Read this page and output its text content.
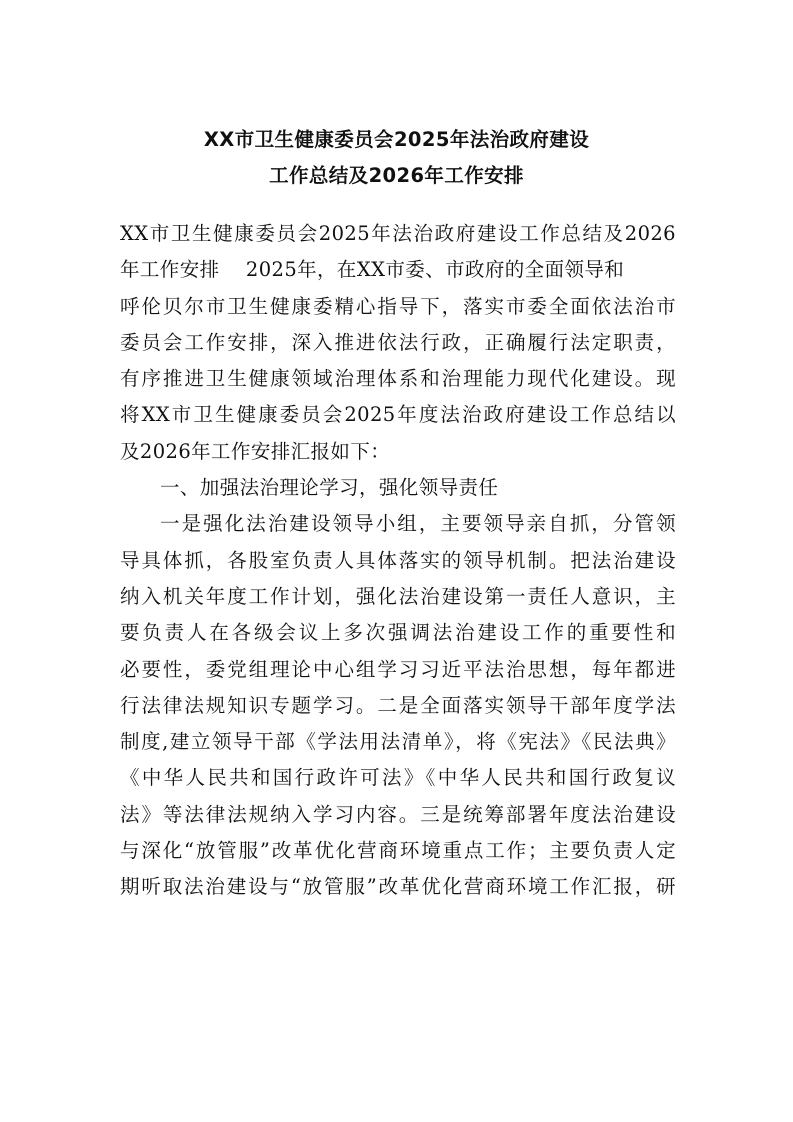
XX市卫生健康委员会2025年法治政府建设
工作总结及2026年工作安排
XX市卫生健康委员会2025年法治政府建设工作总结及2026
年工作安排    2025年，在XX市委、市政府的全面领导和
呼伦贝尔市卫生健康委精心指导下，落实市委全面依法治市
委员会工作安排，深入推进依法行政，正确履行法定职责，
有序推进卫生健康领域治理体系和治理能力现代化建设。现
将XX市卫生健康委员会2025年度法治政府建设工作总结以
及2026年工作安排汇报如下：
一、加强法治理论学习，强化领导责任
一是强化法治建设领导小组，主要领导亲自抓，分管领
导具体抓，各股室负责人具体落实的领导机制。把法治建设
纳入机关年度工作计划，强化法治建设第一责任人意识，主
要负责人在各级会议上多次强调法治建设工作的重要性和
必要性，委党组理论中心组学习习近平法治思想，每年都进
行法律法规知识专题学习。二是全面落实领导干部年度学法
制度,建立领导干部《学法用法清单》，将《宪法》《民法典》
《中华人民共和国行政许可法》《中华人民共和国行政复议
法》等法律法规纳入学习内容。三是统筹部署年度法治建设
与深化“放管服”改革优化营商环境重点工作；主要负责人定
期听取法治建设与“放管服”改革优化营商环境工作汇报，研
